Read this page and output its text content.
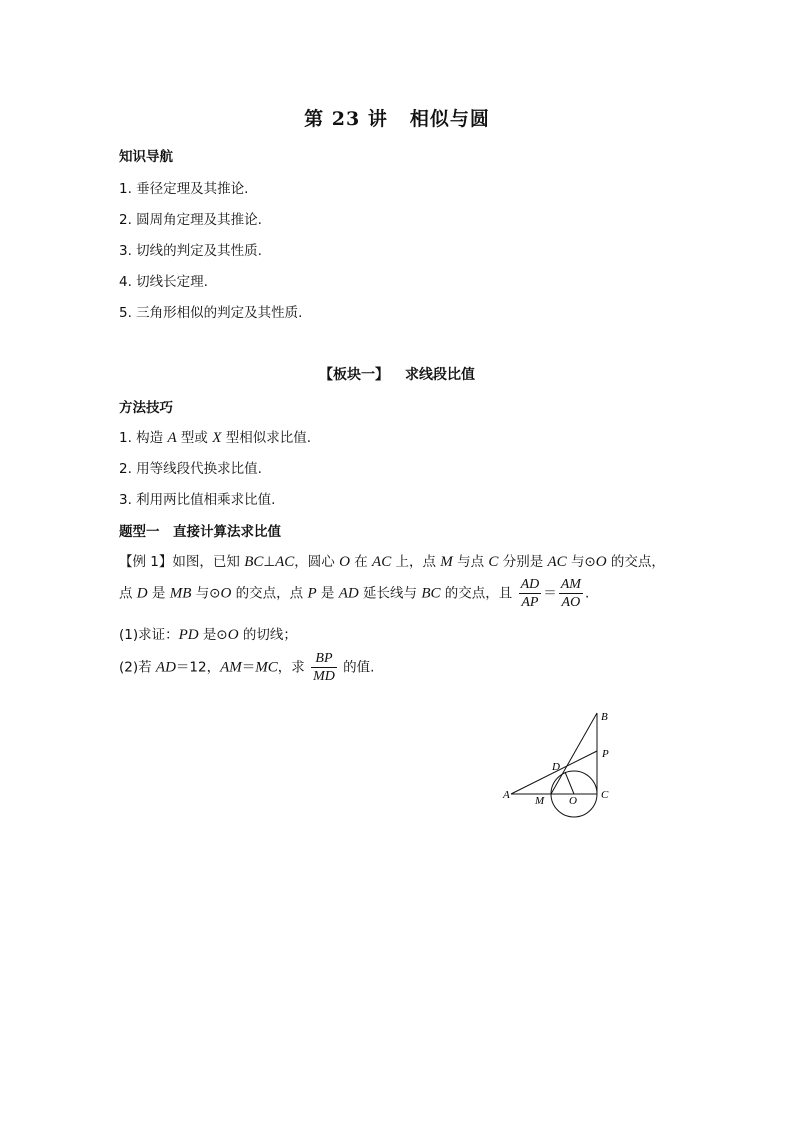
第 23 讲 相似与圆
知识导航
1. 垂径定理及其推论.
2. 圆周角定理及其推论.
3. 切线的判定及其性质.
4. 切线长定理.
5. 三角形相似的判定及其性质.
【板块一】 求线段比值
方法技巧
1. 构造 A 型或 X 型相似求比值.
2. 用等线段代换求比值.
3. 利用两比值相乘求比值.
题型一　直接计算法求比值
【例 1】如图，已知 BC⊥AC，圆心 O 在 AC 上，点 M 与点 C 分别是 AC 与⊙O 的交点，
点 D 是 MB 与⊙O 的交点，点 P 是 AD 延长线与 BC 的交点，且 $\frac{AD}{AP} = \frac{AM}{AO}$ .
(1)求证：PD 是⊙O 的切线；
(2)若 AD＝12，AM＝MC，求 $\frac{BP}{MD}$ 的值.
A
B
C
D
M O
P
